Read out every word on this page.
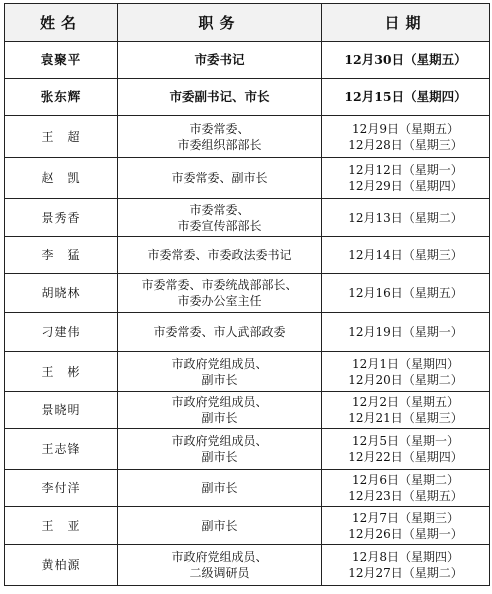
姓名	职务	日期
袁聚平	市委书记	12月30日（星期五）

张东辉	市委副书记、市长	12月15日（星期四）

王　超	市委常委、
市委组织部部长	12月9日（星期五）
12月28日（星期三）

赵　凯	市委常委、副市长	12月12日（星期一）
12月29日（星期四）

景秀香	市委常委、
市委宣传部部长	12月13日（星期二）

李　猛	市委常委、市委政法委书记	12月14日（星期三）

胡晓林	市委常委、市委统战部部长、
市委办公室主任	12月16日（星期五）

刁建伟	市委常委、市人武部政委	12月19日（星期一）

王　彬	市政府党组成员、
副市长	12月1日（星期四）
12月20日（星期二）

景晓明	市政府党组成员、
副市长	12月2日（星期五）
12月21日（星期三）

王志锋	市政府党组成员、
副市长	12月5日（星期一）
12月22日（星期四）

李付洋	副市长	12月6日（星期二）
12月23日（星期五）

王　亚	副市长	12月7日（星期三）
12月26日（星期一）

黄柏源	市政府党组成员、
二级调研员	12月8日（星期四）
12月27日（星期二）
